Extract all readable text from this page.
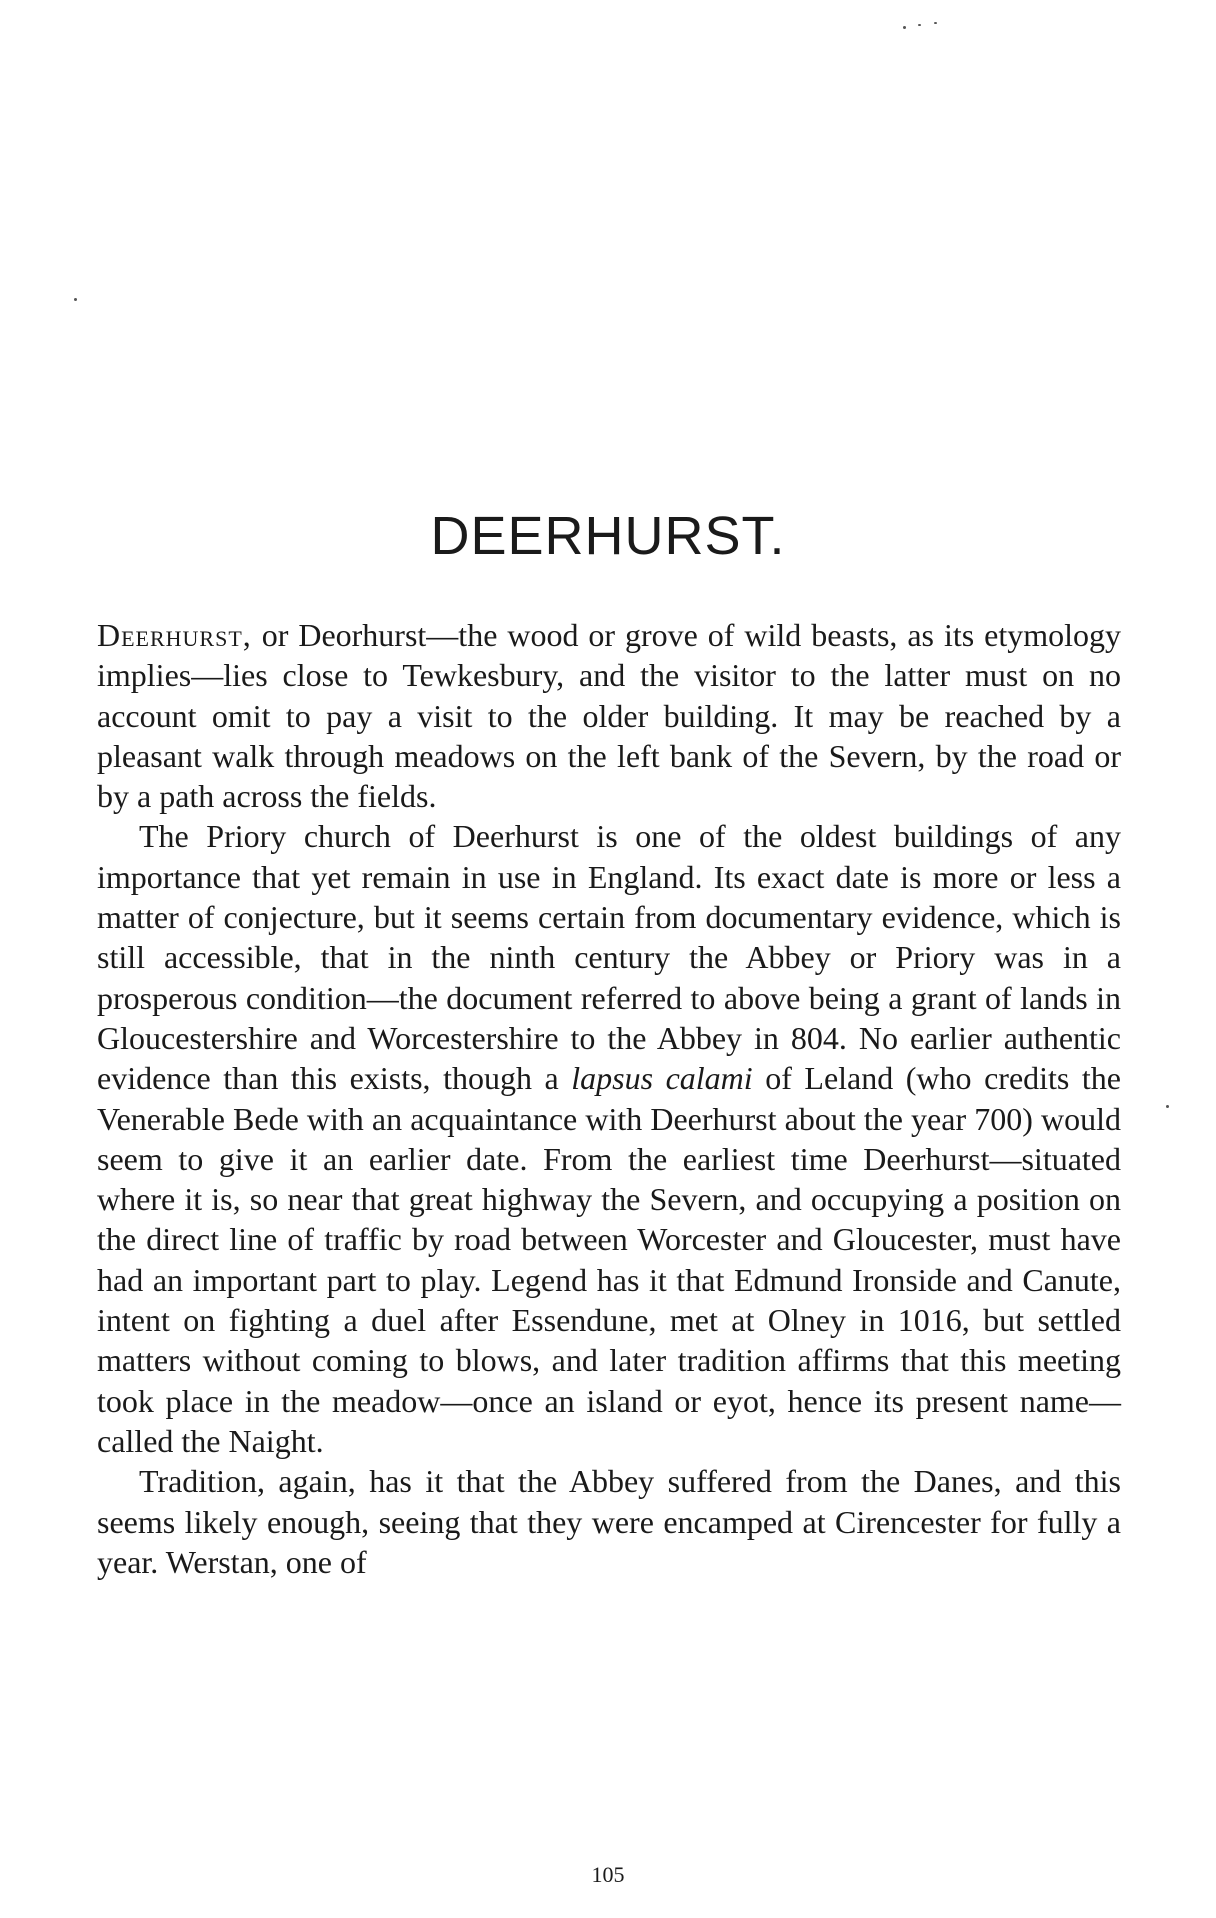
DEERHURST.

Deerhurst, or Deorhurst—the wood or grove of wild beasts, as its etymology implies—lies close to Tewkesbury, and the visitor to the latter must on no account omit to pay a visit to the older building. It may be reached by a pleasant walk through meadows on the left bank of the Severn, by the road or by a path across the fields.

The Priory church of Deerhurst is one of the oldest buildings of any importance that yet remain in use in England. Its exact date is more or less a matter of conjecture, but it seems certain from documentary evidence, which is still accessible, that in the ninth century the Abbey or Priory was in a prosperous condition—the document referred to above being a grant of lands in Gloucestershire and Worcestershire to the Abbey in 804. No earlier authentic evidence than this exists, though a lapsus calami of Leland (who credits the Venerable Bede with an acquaintance with Deerhurst about the year 700) would seem to give it an earlier date. From the earliest time Deerhurst—situated where it is, so near that great highway the Severn, and occupying a position on the direct line of traffic by road between Worcester and Gloucester, must have had an important part to play. Legend has it that Edmund Ironside and Canute, intent on fighting a duel after Essendune, met at Olney in 1016, but settled matters without coming to blows, and later tradition affirms that this meeting took place in the meadow—once an island or eyot, hence its present name—called the Naight.

Tradition, again, has it that the Abbey suffered from the Danes, and this seems likely enough, seeing that they were encamped at Cirencester for fully a year. Werstan, one of

105
